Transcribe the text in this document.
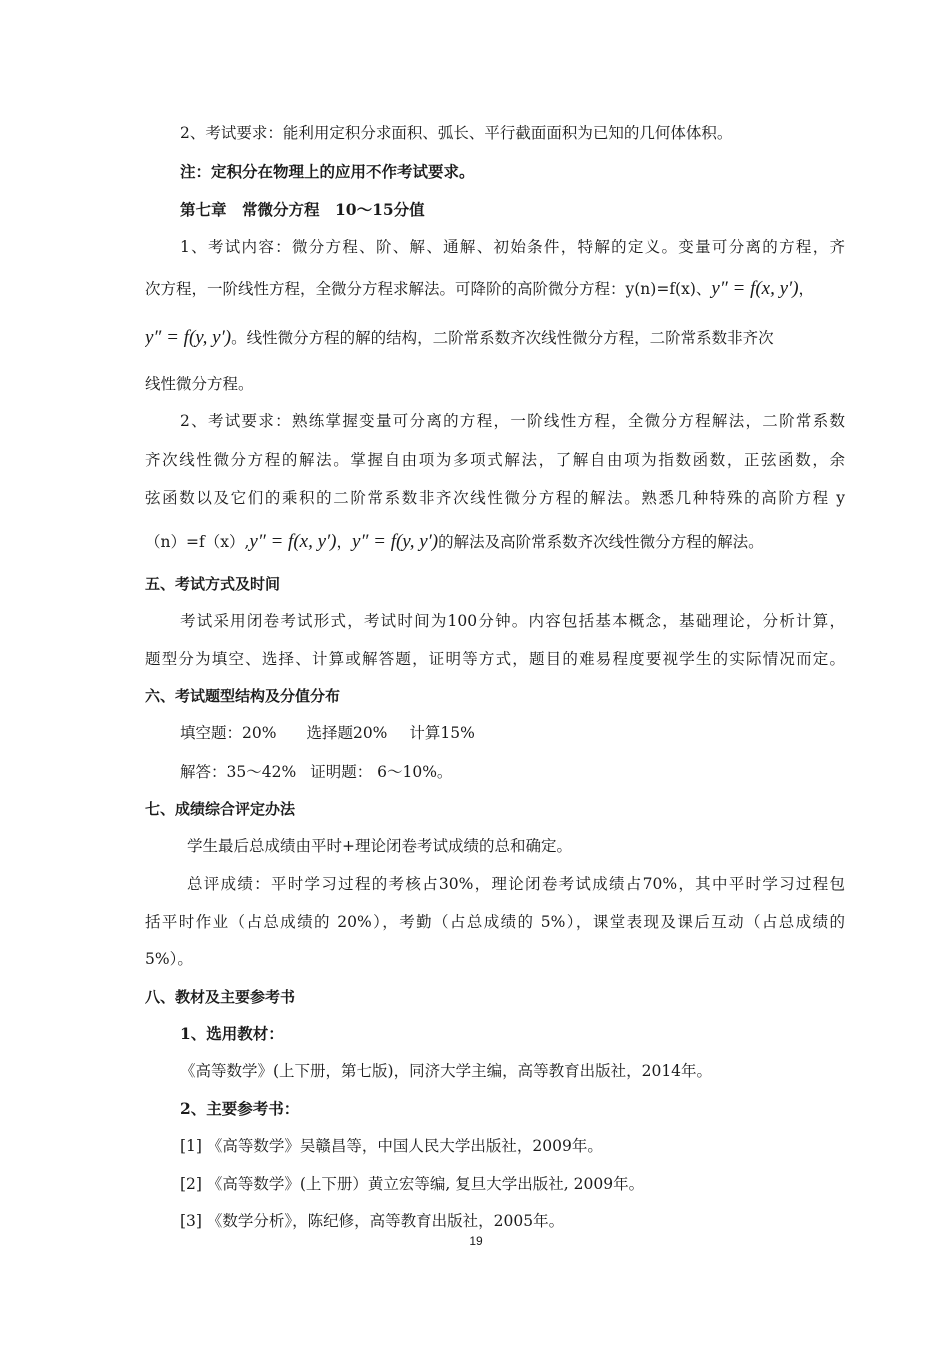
2、考试要求：能利用定积分求面积、弧长、平行截面面积为已知的几何体体积。
注：定积分在物理上的应用不作考试要求。
第七章　常微分方程　10～15分值
1、考试内容：微分方程、阶、解、通解、初始条件，特解的定义。变量可分离的方程，齐
次方程，一阶线性方程，全微分方程求解法。可降阶的高阶微分方程：y(n)=f(x)、y″ = f(x, y′)，
y″ = f(y, y′)。线性微分方程的解的结构，二阶常系数齐次线性微分方程，二阶常系数非齐次
线性微分方程。
2、考试要求：熟练掌握变量可分离的方程，一阶线性方程，全微分方程解法，二阶常系数
齐次线性微分方程的解法。掌握自由项为多项式解法，了解自由项为指数函数，正弦函数，余
弦函数以及它们的乘积的二阶常系数非齐次线性微分方程的解法。熟悉几种特殊的高阶方程 y
（n）=f（x）,y″ = f(x, y′)，y″ = f(y, y′)的解法及高阶常系数齐次线性微分方程的解法。
五、考试方式及时间
考试采用闭卷考试形式，考试时间为100分钟。内容包括基本概念，基础理论，分析计算，
题型分为填空、选择、计算或解答题，证明等方式，题目的难易程度要视学生的实际情况而定。
六、考试题型结构及分值分布
填空题：20% 选择题20% 计算15%
解答：35～42% 证明题： 6～10%。
七、成绩综合评定办法
学生最后总成绩由平时+理论闭卷考试成绩的总和确定。
总评成绩：平时学习过程的考核占30%，理论闭卷考试成绩占70%，其中平时学习过程包
括平时作业（占总成绩的 20%），考勤（占总成绩的 5%），课堂表现及课后互动（占总成绩的
5%）。
八、教材及主要参考书
1、选用教材：
《高等数学》(上下册，第七版)，同济大学主编，高等教育出版社，2014年。
2、主要参考书：
[1] 《高等数学》吴赣昌等，中国人民大学出版社，2009年。
[2] 《高等数学》(上下册）黄立宏等编, 复旦大学出版社, 2009年。
[3] 《数学分析》，陈纪修，高等教育出版社，2005年。
19
